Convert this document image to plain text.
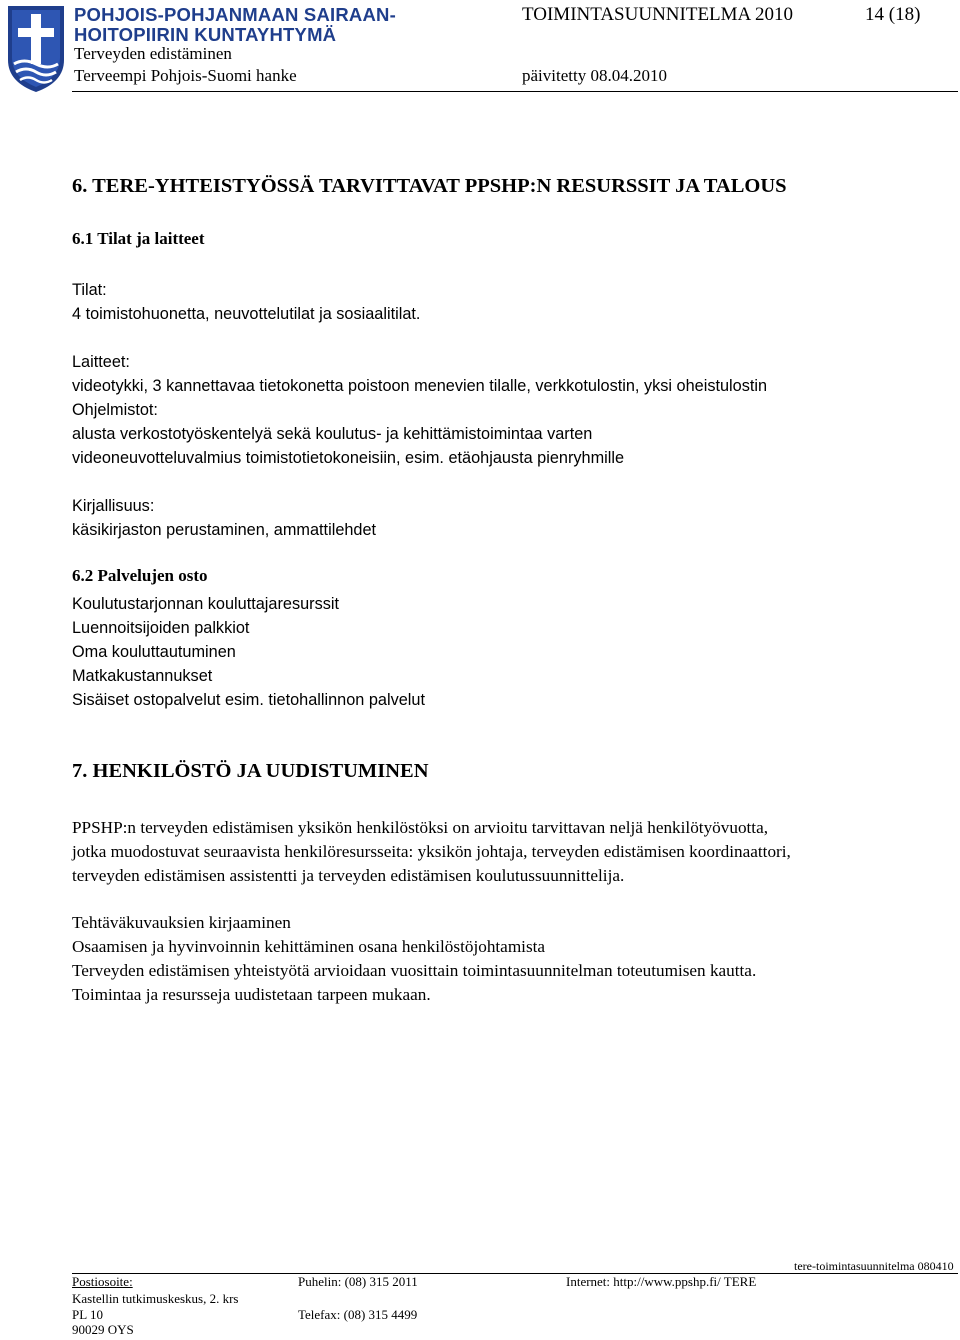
POHJOIS-POHJANMAAN SAIRAAN-
HOITOPIIRIN KUNTAYHTYMÄ
Terveyden edistäminen
Terveempi Pohjois-Suomi hanke
TOIMINTASUUNNITELMA 2010	14 (18)
päivitetty 08.04.2010
6. TERE-YHTEISTYÖSSÄ TARVITTAVAT PPSHP:N RESURSSIT JA TALOUS
6.1 Tilat ja laitteet
Tilat:
4 toimistohuonetta, neuvottelutilat ja sosiaalitilat.
Laitteet:
videotykki, 3 kannettavaa tietokonetta poistoon menevien tilalle, verkkotulostin, yksi oheistulostin
Ohjelmistot:
alusta verkostotyöskentelyä sekä koulutus- ja kehittämistoimintaa varten
videoneuvotteluvalmius toimistotietokoneisiin, esim. etäohjausta pienryhmille
Kirjallisuus:
käsikirjaston perustaminen, ammattilehdet
6.2 Palvelujen osto
Koulutustarjonnan kouluttajaresurssit
Luennoitsijoiden palkkiot
Oma kouluttautuminen
Matkakustannukset
Sisäiset ostopalvelut esim. tietohallinnon palvelut
7. HENKILÖSTÖ JA UUDISTUMINEN
PPSHP:n terveyden edistämisen yksikön henkilöstöksi on arvioitu tarvittavan neljä henkilötyövuotta,
jotka muodostuvat seuraavista henkilöresursseita: yksikön johtaja, terveyden edistämisen koordinaattori,
terveyden edistämisen assistentti ja terveyden edistämisen koulutussuunnittelija.
Tehtäväkuvauksien kirjaaminen
Osaamisen ja hyvinvoinnin kehittäminen osana henkilöstöjohtamista
Terveyden edistämisen yhteistyötä arvioidaan vuosittain toimintasuunnitelman toteutumisen kautta.
Toimintaa ja resursseja uudistetaan tarpeen mukaan.
tere-toimintasuunnitelma 080410
Postiosoite:
Kastellin tutkimuskeskus, 2. krs
PL 10
90029 OYS
Puhelin: (08) 315 2011
Telefax: (08) 315 4499
Internet: http://www.ppshp.fi/ TERE
